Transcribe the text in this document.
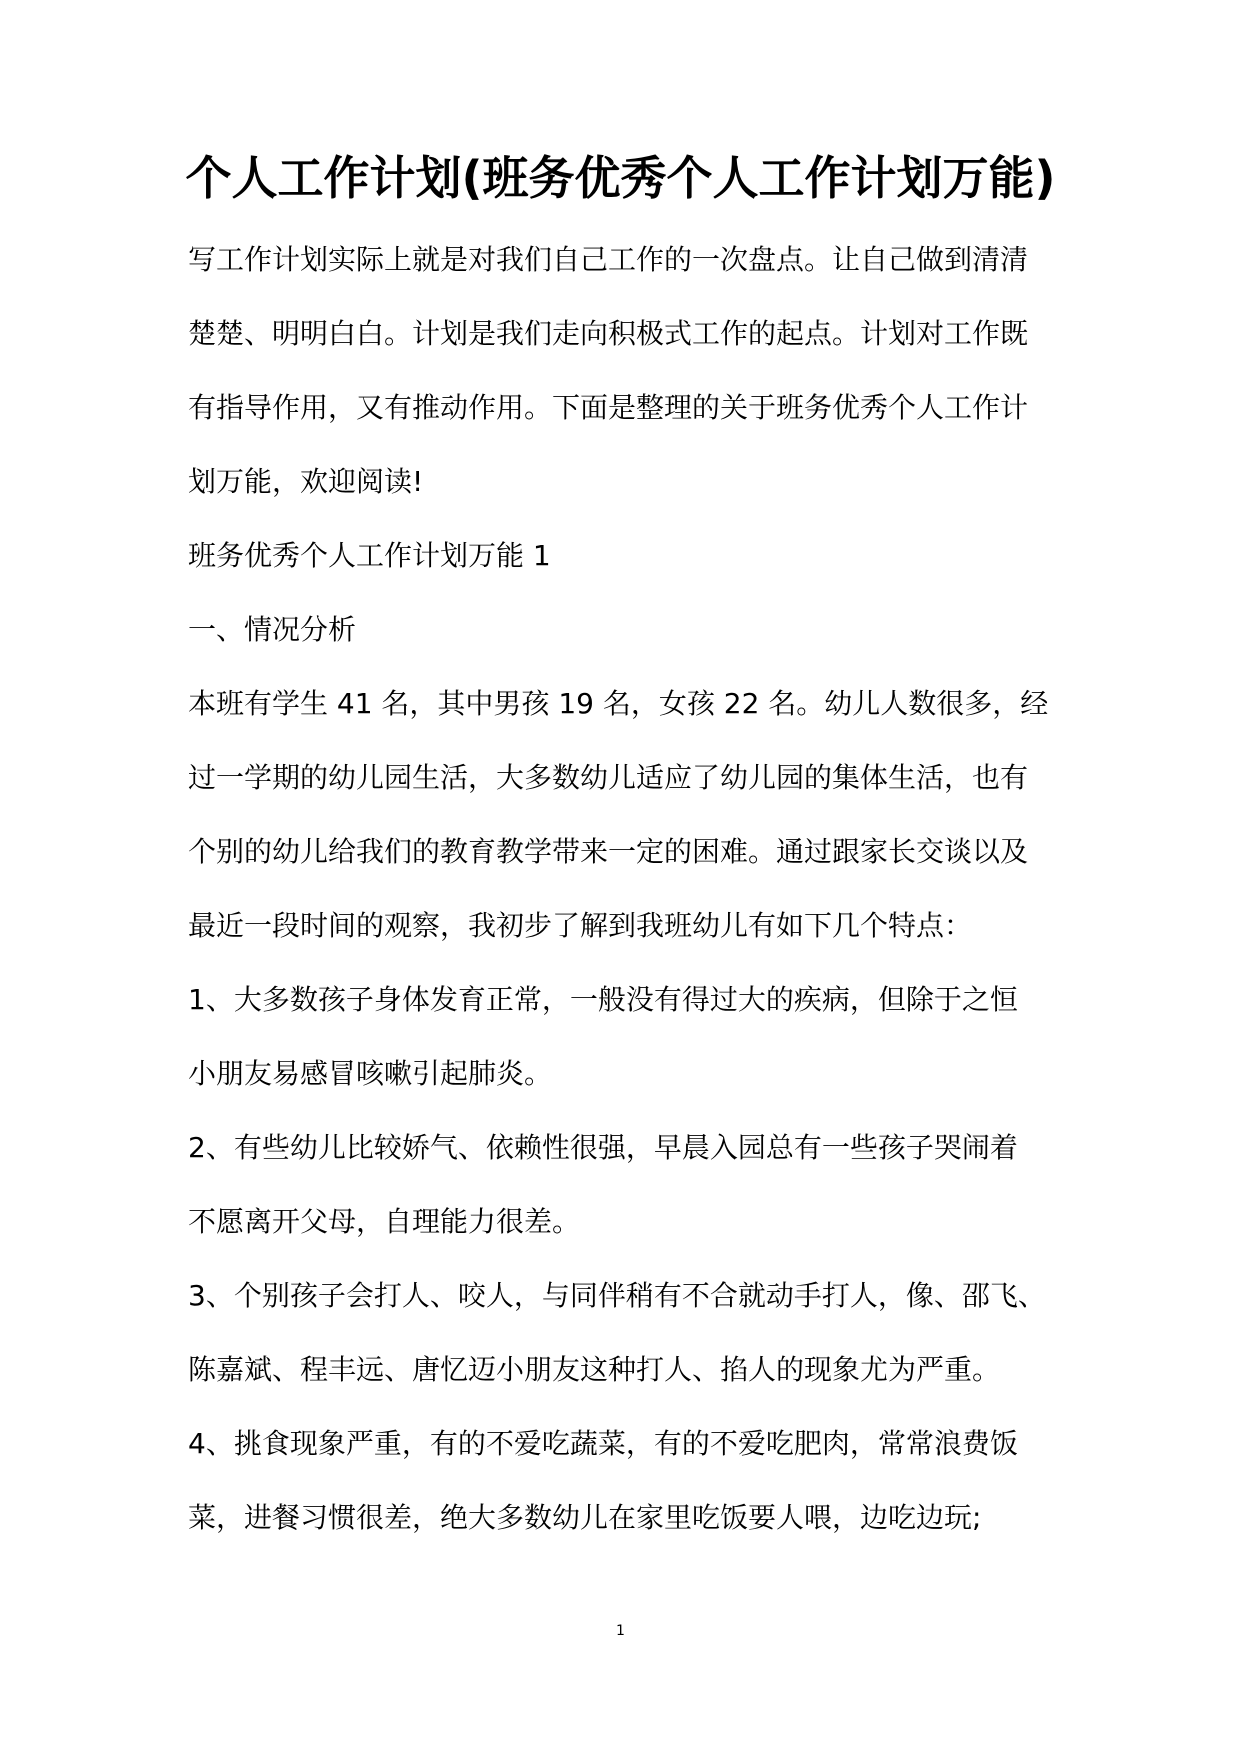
个人工作计划(班务优秀个人工作计划万能)
写工作计划实际上就是对我们自己工作的一次盘点。让自己做到清清
楚楚、明明白白。计划是我们走向积极式工作的起点。计划对工作既
有指导作用，又有推动作用。下面是整理的关于班务优秀个人工作计
划万能，欢迎阅读!
班务优秀个人工作计划万能 1
一、情况分析
本班有学生 41 名，其中男孩 19 名，女孩 22 名。幼儿人数很多，经
过一学期的幼儿园生活，大多数幼儿适应了幼儿园的集体生活，也有
个别的幼儿给我们的教育教学带来一定的困难。通过跟家长交谈以及
最近一段时间的观察，我初步了解到我班幼儿有如下几个特点：
1、大多数孩子身体发育正常，一般没有得过大的疾病，但除于之恒
小朋友易感冒咳嗽引起肺炎。
2、有些幼儿比较娇气、依赖性很强，早晨入园总有一些孩子哭闹着
不愿离开父母，自理能力很差。
3、个别孩子会打人、咬人，与同伴稍有不合就动手打人，像、邵飞、
陈嘉斌、程丰远、唐忆迈小朋友这种打人、掐人的现象尤为严重。
4、挑食现象严重，有的不爱吃蔬菜，有的不爱吃肥肉，常常浪费饭
菜，进餐习惯很差，绝大多数幼儿在家里吃饭要人喂，边吃边玩;
1
